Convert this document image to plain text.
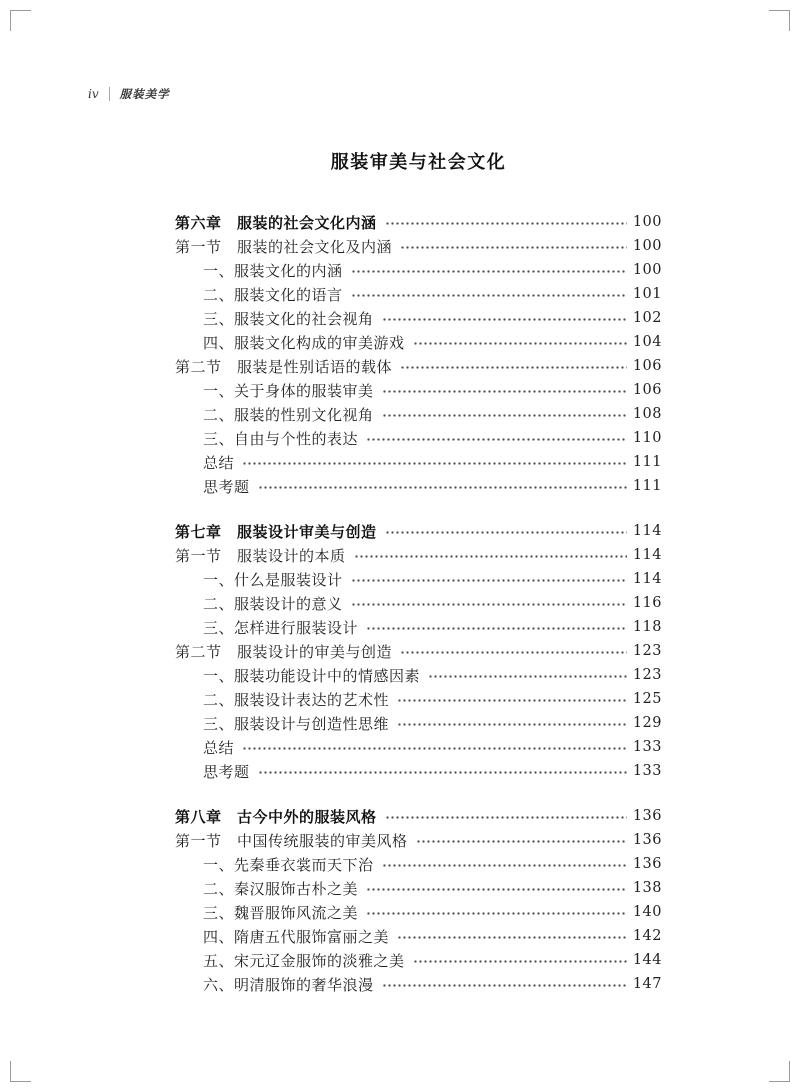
iv 服装美学
服装审美与社会文化
第六章　服装的社会文化内涵	100
第一节　服装的社会文化及内涵	100
一、服装文化的内涵	100
二、服装文化的语言	101
三、服装文化的社会视角	102
四、服装文化构成的审美游戏	104
第二节　服装是性别话语的载体	106
一、关于身体的服装审美	106
二、服装的性别文化视角	108
三、自由与个性的表达	110
总结	111
思考题	111
第七章　服装设计审美与创造	114
第一节　服装设计的本质	114
一、什么是服装设计	114
二、服装设计的意义	116
三、怎样进行服装设计	118
第二节　服装设计的审美与创造	123
一、服装功能设计中的情感因素	123
二、服装设计表达的艺术性	125
三、服装设计与创造性思维	129
总结	133
思考题	133
第八章　古今中外的服装风格	136
第一节　中国传统服装的审美风格	136
一、先秦垂衣裳而天下治	136
二、秦汉服饰古朴之美	138
三、魏晋服饰风流之美	140
四、隋唐五代服饰富丽之美	142
五、宋元辽金服饰的淡雅之美	144
六、明清服饰的奢华浪漫	147
